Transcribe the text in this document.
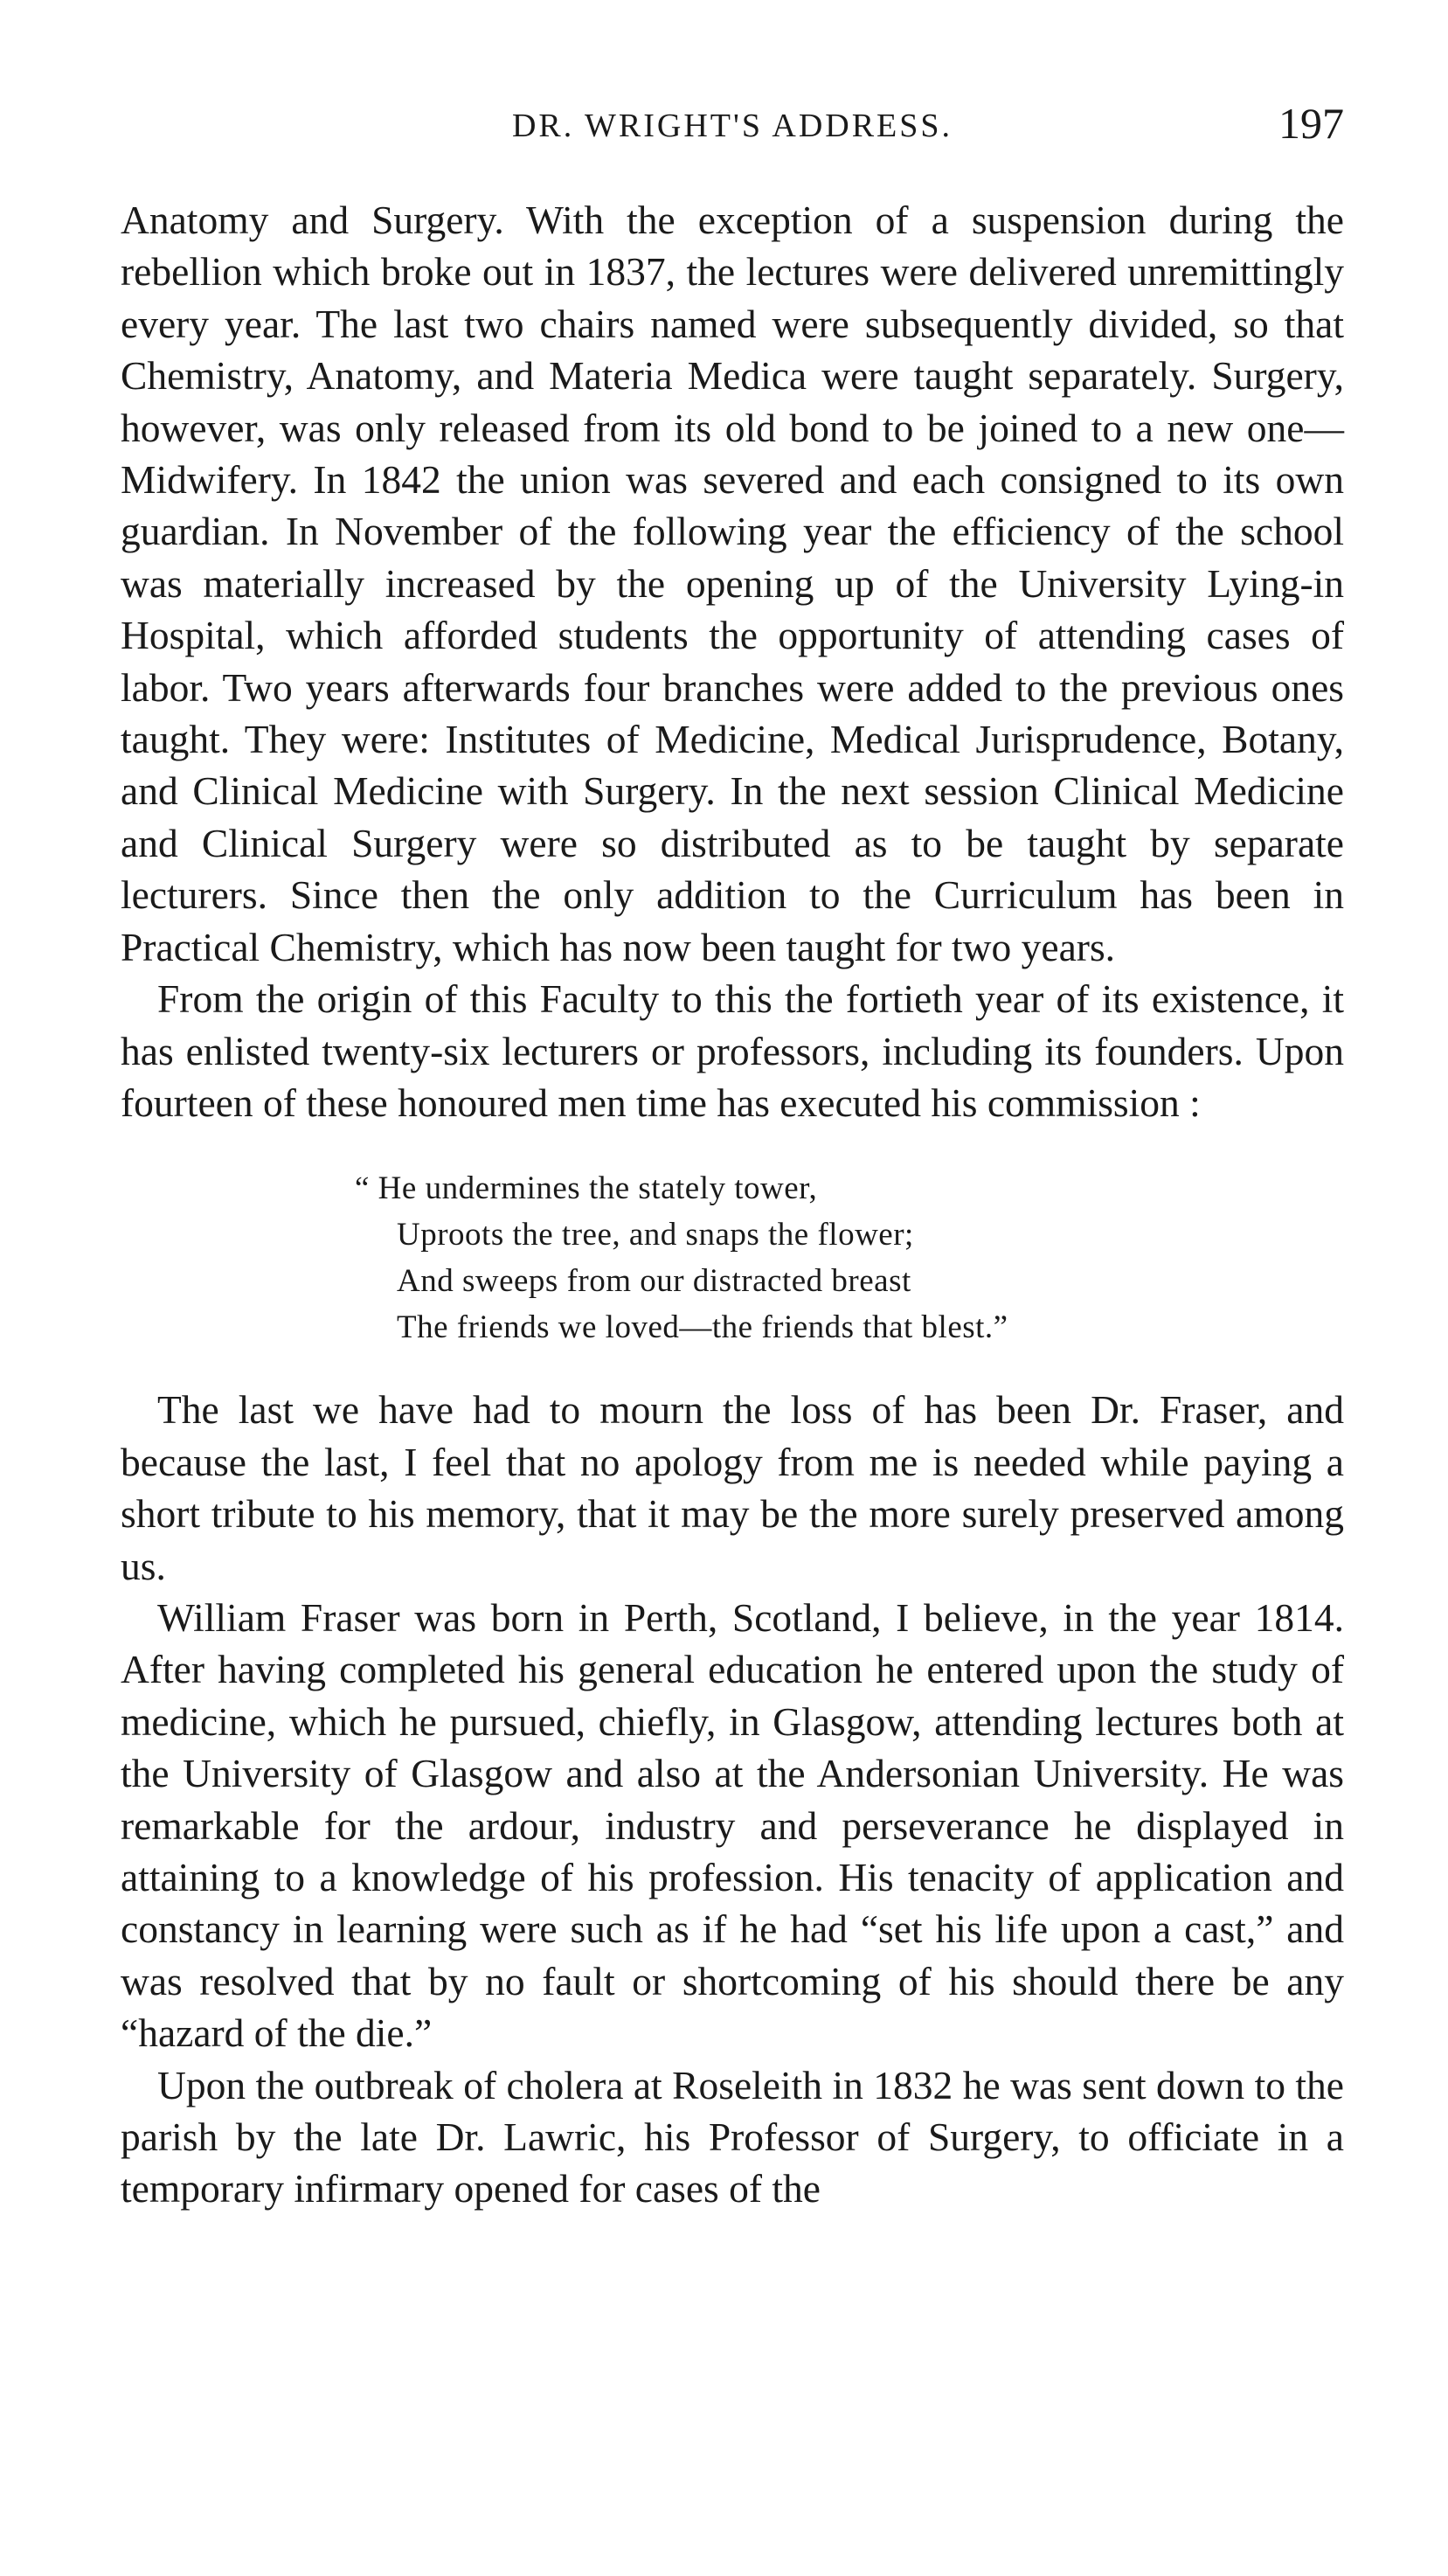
DR. WRIGHT'S ADDRESS.	197

Anatomy and Surgery. With the exception of a suspension during the rebellion which broke out in 1837, the lectures were delivered unremittingly every year. The last two chairs named were subsequently divided, so that Chemistry, Anatomy, and Materia Medica were taught separately. Surgery, however, was only released from its old bond to be joined to a new one—Midwifery. In 1842 the union was severed and each consigned to its own guardian. In November of the following year the efficiency of the school was materially increased by the opening up of the University Lying-in Hospital, which afforded students the opportunity of attending cases of labor. Two years afterwards four branches were added to the previous ones taught. They were: Institutes of Medicine, Medical Jurisprudence, Botany, and Clinical Medicine with Surgery. In the next session Clinical Medicine and Clinical Surgery were so distributed as to be taught by separate lecturers. Since then the only addition to the Curriculum has been in Practical Chemistry, which has now been taught for two years.

From the origin of this Faculty to this the fortieth year of its existence, it has enlisted twenty-six lecturers or professors, including its founders. Upon fourteen of these honoured men time has executed his commission :

“ He undermines the stately tower,
Uproots the tree, and snaps the flower;
And sweeps from our distracted breast
The friends we loved—the friends that blest.”

The last we have had to mourn the loss of has been Dr. Fraser, and because the last, I feel that no apology from me is needed while paying a short tribute to his memory, that it may be the more surely preserved among us.

William Fraser was born in Perth, Scotland, I believe, in the year 1814. After having completed his general education he entered upon the study of medicine, which he pursued, chiefly, in Glasgow, attending lectures both at the University of Glasgow and also at the Andersonian University. He was remarkable for the ardour, industry and perseverance he displayed in attaining to a knowledge of his profession. His tenacity of application and constancy in learning were such as if he had “set his life upon a cast,” and was resolved that by no fault or shortcoming of his should there be any “hazard of the die.”

Upon the outbreak of cholera at Roseleith in 1832 he was sent down to the parish by the late Dr. Lawric, his Professor of Surgery, to officiate in a temporary infirmary opened for cases of the
